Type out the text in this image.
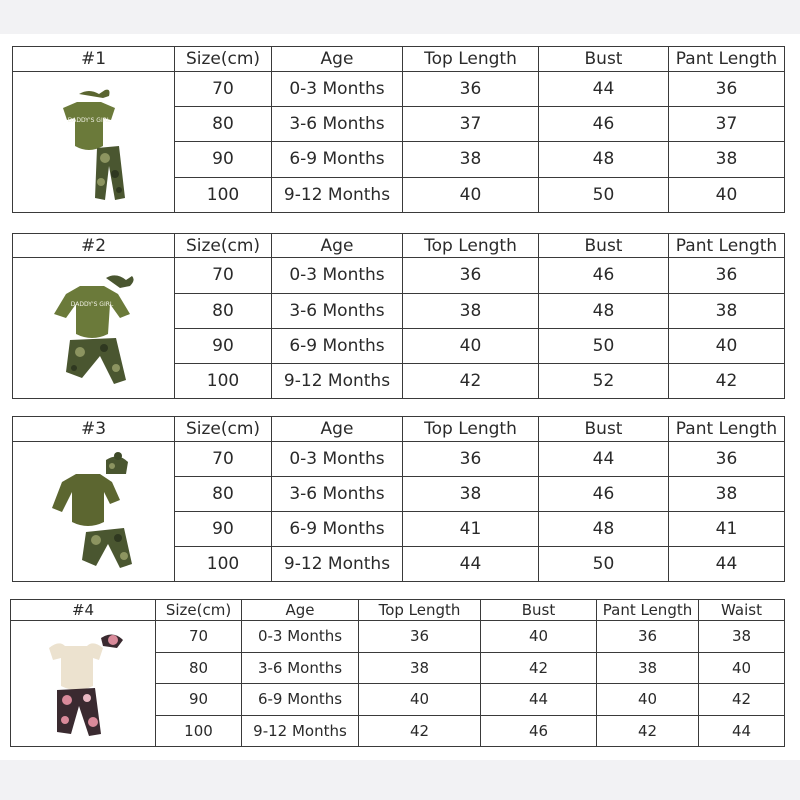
#1	Size(cm)	Age	Top Length	Bust	Pant Length

DADDY'S GIRL	70	0-3 Months	36	44	36
	80	3-6 Months	37	46	37
	90	6-9 Months	38	48	38
	100	9-12 Months	40	50	40
#2	Size(cm)	Age	Top Length	Bust	Pant Length

DADDY'S GIRL	70	0-3 Months	36	46	36
	80	3-6 Months	38	48	38
	90	6-9 Months	40	50	40
	100	9-12 Months	42	52	42
#3	Size(cm)	Age	Top Length	Bust	Pant Length

	70	0-3 Months	36	44	36
	80	3-6 Months	38	46	38
	90	6-9 Months	41	48	41
	100	9-12 Months	44	50	44
#4	Size(cm)	Age	Top Length	Bust	Pant Length	Waist

	70	0-3 Months	36	40	36	38
	80	3-6 Months	38	42	38	40
	90	6-9 Months	40	44	40	42
	100	9-12 Months	42	46	42	44
